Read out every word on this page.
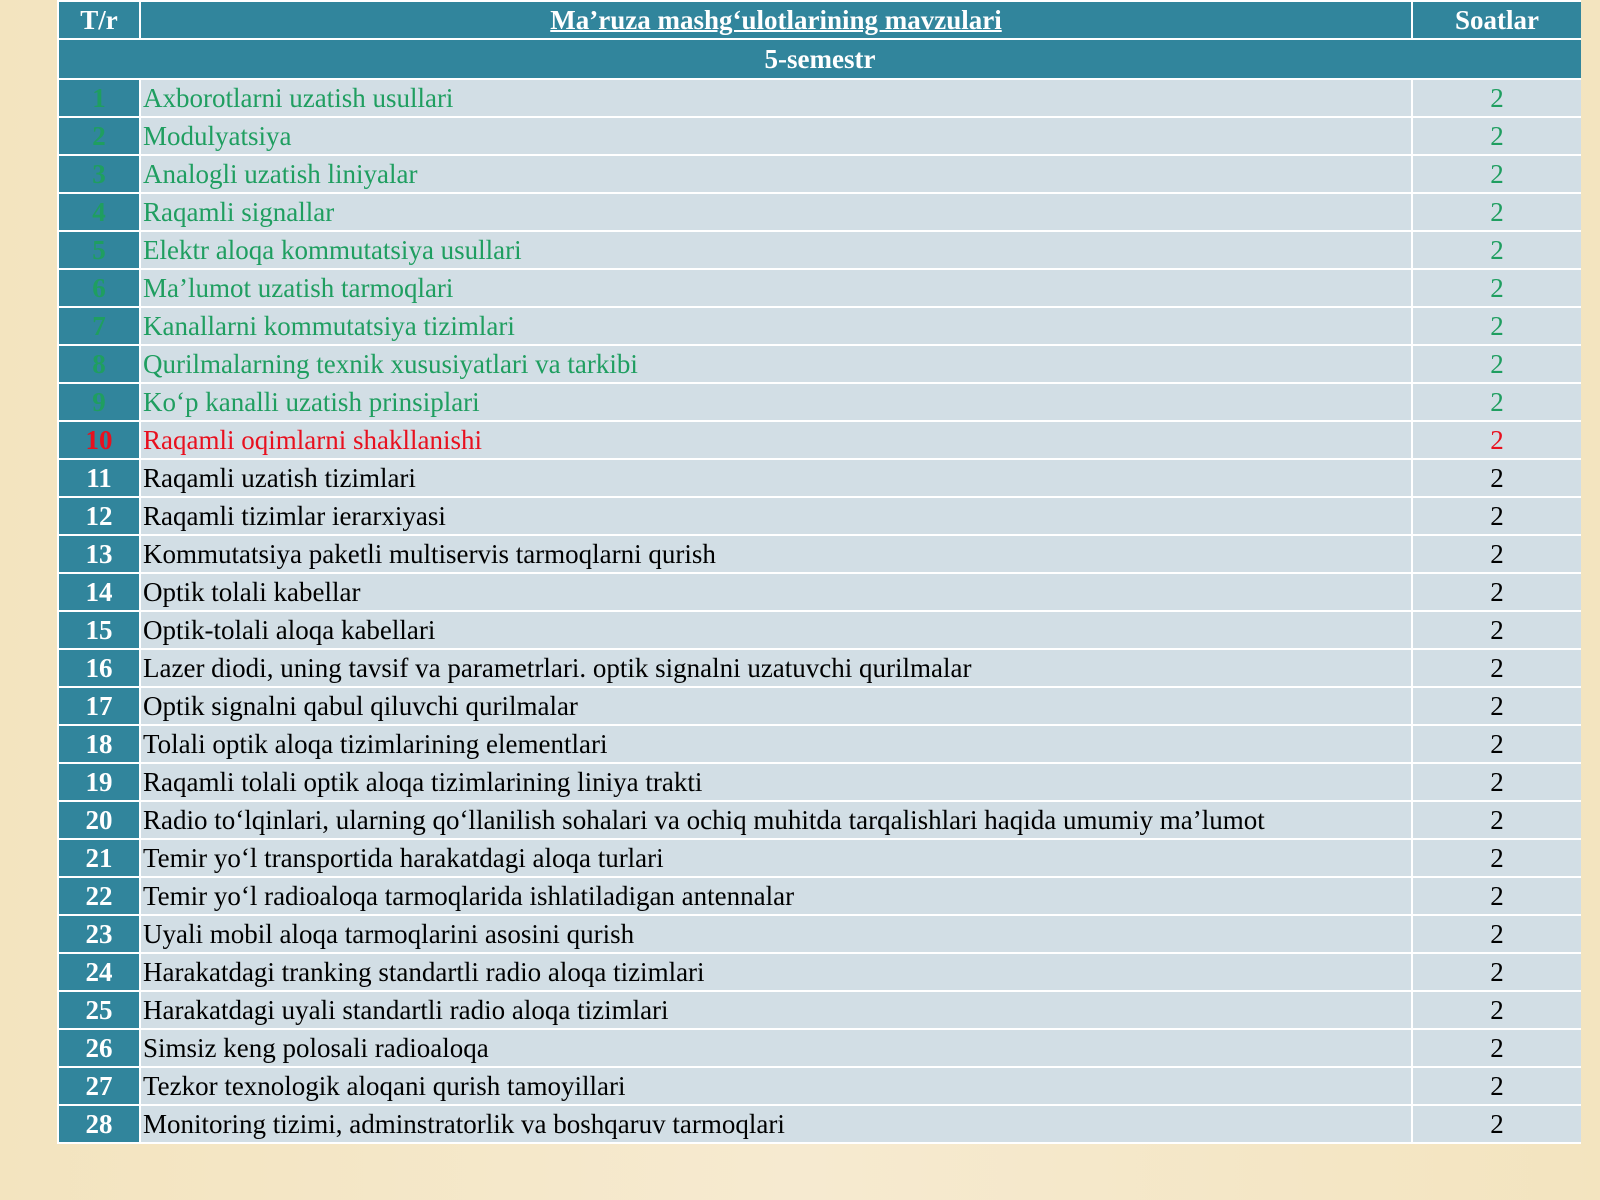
T/r	Ma’ruza mashg‘ulotlarining mavzulari		Soatlar
5-semestr			
1	Axborotlarni uzatish usullari		2
2	Modulyatsiya		2
3	Analogli uzatish liniyalar		2
4	Raqamli signallar		2
5	Elektr aloqa kommutatsiya usullari		2
6	Ma’lumot uzatish tarmoqlari		2
7	Kanallarni kommutatsiya tizimlari		2
8	Qurilmalarning texnik xususiyatlari va tarkibi		2
9	Ko‘p kanalli uzatish prinsiplari		2
10	Raqamli oqimlarni shakllanishi		2
11	Raqamli uzatish tizimlari		2
12	Raqamli tizimlar ierarxiyasi		2
13	Kommutatsiya paketli multiservis tarmoqlarni qurish		2
14	Optik tolali kabellar		2
15	Optik-tolali aloqa kabellari		2
16	Lazer diodi, uning tavsif va parametrlari. optik signalni uzatuvchi qurilmalar		2
17	Optik signalni qabul qiluvchi qurilmalar		2
18	Tolali optik aloqa tizimlarining elementlari		2
19	Raqamli tolali optik aloqa tizimlarining liniya trakti		2
20	Radio to‘lqinlari, ularning qo‘llanilish sohalari va ochiq muhitda tarqalishlari haqida umumiy ma’lumot		2
21	Temir yo‘l transportida harakatdagi aloqa turlari		2
22	Temir yo‘l radioaloqa tarmoqlarida ishlatiladigan antennalar		2
23	Uyali mobil aloqa tarmoqlarini asosini qurish		2
24	Harakatdagi tranking standartli radio aloqa tizimlari		2
25	Harakatdagi uyali standartli radio aloqa tizimlari		2
26	Simsiz keng polosali radioaloqa		2
27	Tezkor texnologik aloqani qurish tamoyillari		2
28	Monitoring tizimi, adminstratorlik va boshqaruv tarmoqlari		2
